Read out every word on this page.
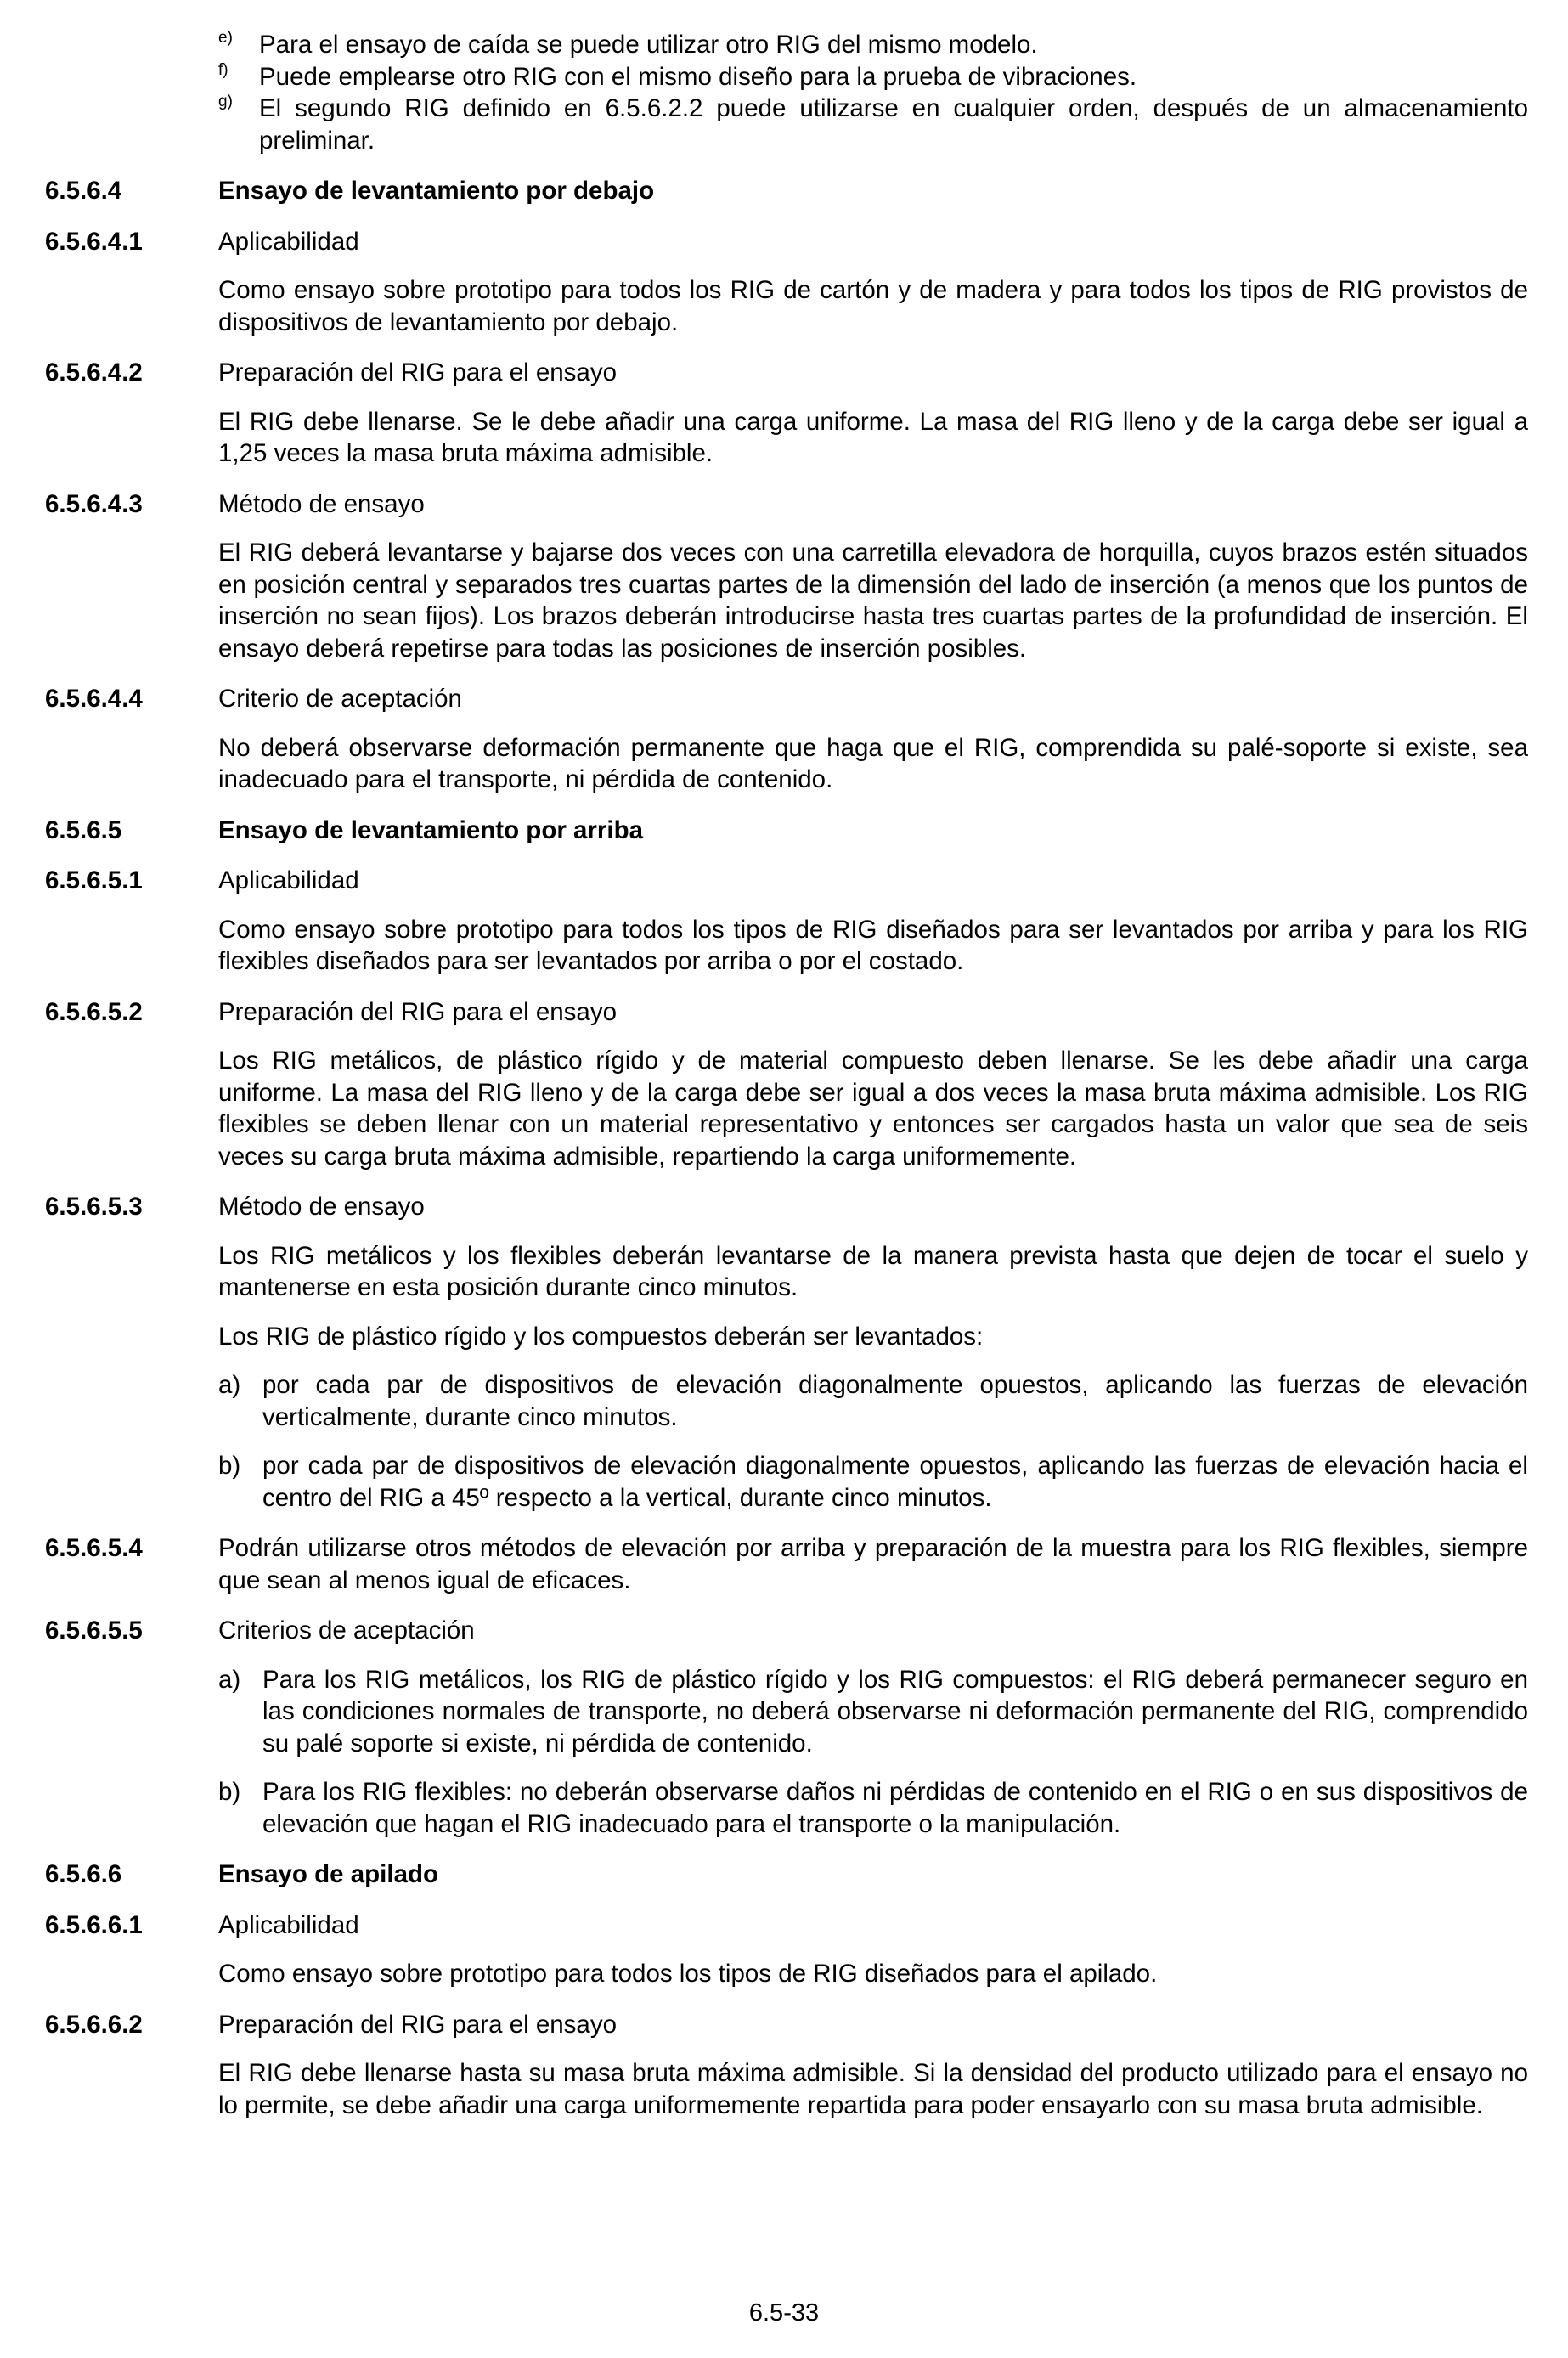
e)	Para el ensayo de caída se puede utilizar otro RIG del mismo modelo.
f)	Puede emplearse otro RIG con el mismo diseño para la prueba de vibraciones.
g)	El segundo RIG definido en 6.5.6.2.2 puede utilizarse en cualquier orden, después de un almacenamiento preliminar.
6.5.6.4	Ensayo de levantamiento por debajo
6.5.6.4.1	Aplicabilidad
Como ensayo sobre prototipo para todos los RIG de cartón y de madera y para todos los tipos de RIG provistos de dispositivos de levantamiento por debajo.
6.5.6.4.2	Preparación del RIG para el ensayo
El RIG debe llenarse. Se le debe añadir una carga uniforme. La masa del RIG lleno y de la carga debe ser igual a 1,25 veces la masa bruta máxima admisible.
6.5.6.4.3	Método de ensayo
El RIG deberá levantarse y bajarse dos veces con una carretilla elevadora de horquilla, cuyos brazos estén situados en posición central y separados tres cuartas partes de la dimensión del lado de inserción (a menos que los puntos de inserción no sean fijos). Los brazos deberán introducirse hasta tres cuartas partes de la profundidad de inserción. El ensayo deberá repetirse para todas las posiciones de inserción posibles.
6.5.6.4.4	Criterio de aceptación
No deberá observarse deformación permanente que haga que el RIG, comprendida su palé-soporte si existe, sea inadecuado para el transporte, ni pérdida de contenido.
6.5.6.5	Ensayo de levantamiento por arriba
6.5.6.5.1	Aplicabilidad
Como ensayo sobre prototipo para todos los tipos de RIG diseñados para ser levantados por arriba y para los RIG flexibles diseñados para ser levantados por arriba o por el costado.
6.5.6.5.2	Preparación del RIG para el ensayo
Los RIG metálicos, de plástico rígido y de material compuesto deben llenarse. Se les debe añadir una carga uniforme. La masa del RIG lleno y de la carga debe ser igual a dos veces la masa bruta máxima admisible. Los RIG flexibles se deben llenar con un material representativo y entonces ser cargados hasta un valor que sea de seis veces su carga bruta máxima admisible, repartiendo la carga uniformemente.
6.5.6.5.3	Método de ensayo
Los RIG metálicos y los flexibles deberán levantarse de la manera prevista hasta que dejen de tocar el suelo y mantenerse en esta posición durante cinco minutos.
Los RIG de plástico rígido y los compuestos deberán ser levantados:
a) por cada par de dispositivos de elevación diagonalmente opuestos, aplicando las fuerzas de elevación verticalmente, durante cinco minutos.
b) por cada par de dispositivos de elevación diagonalmente opuestos, aplicando las fuerzas de elevación hacia el centro del RIG a 45º respecto a la vertical, durante cinco minutos.
6.5.6.5.4	Podrán utilizarse otros métodos de elevación por arriba y preparación de la muestra para los RIG flexibles, siempre que sean al menos igual de eficaces.
6.5.6.5.5	Criterios de aceptación
a) Para los RIG metálicos, los RIG de plástico rígido y los RIG compuestos: el RIG deberá permanecer seguro en las condiciones normales de transporte, no deberá observarse ni deformación permanente del RIG, comprendido su palé soporte si existe, ni pérdida de contenido.
b) Para los RIG flexibles: no deberán observarse daños ni pérdidas de contenido en el RIG o en sus dispositivos de elevación que hagan el RIG inadecuado para el transporte o la manipulación.
6.5.6.6	Ensayo de apilado
6.5.6.6.1	Aplicabilidad
Como ensayo sobre prototipo para todos los tipos de RIG diseñados para el apilado.
6.5.6.6.2	Preparación del RIG para el ensayo
El RIG debe llenarse hasta su masa bruta máxima admisible. Si la densidad del producto utilizado para el ensayo no lo permite, se debe añadir una carga uniformemente repartida para poder ensayarlo con su masa bruta admisible.
6.5-33
